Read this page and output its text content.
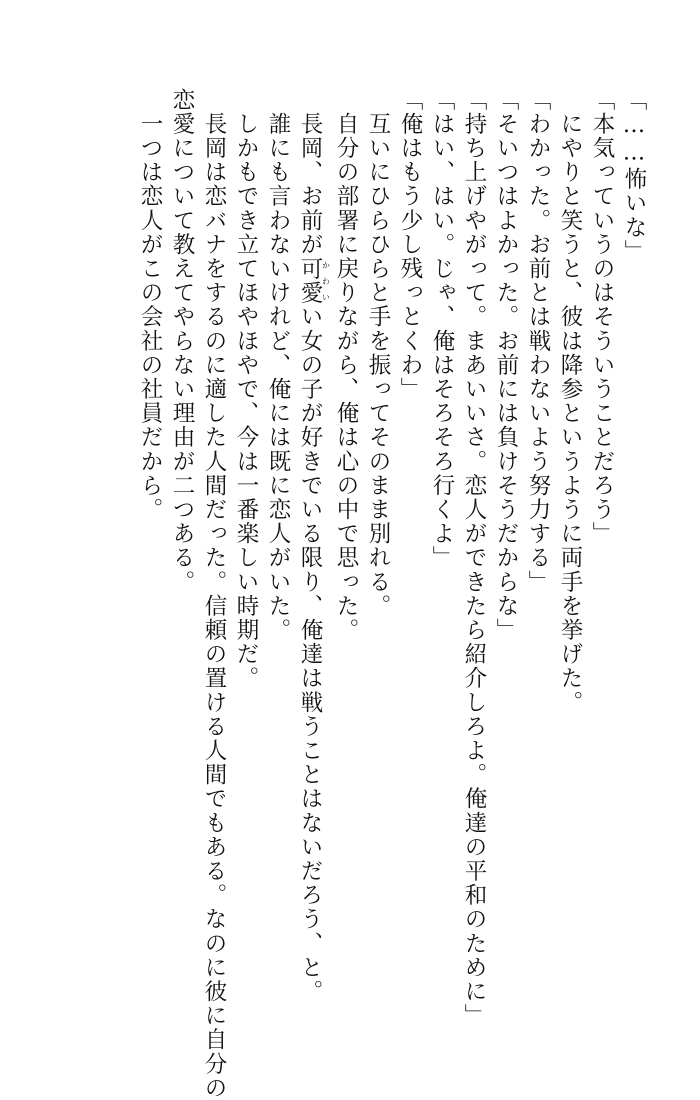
「……怖いな」
「本気っていうのはそういうことだろう」
　にやりと笑うと、彼は降参というように両手を挙げた。
「わかった。お前とは戦わないよう努力する」
「そいつはよかった。お前には負けそうだからな」
「持ち上げやがって。まあいいさ。恋人ができたら紹介しろよ。俺達の平和のために」
「はい、はい。じゃ、俺はそろそろ行くよ」
「俺はもう少し残っとくわ」
　互いにひらひらと手を振ってそのまま別れる。
　自分の部署に戻りながら、俺は心の中で思った。
　長岡、お前が可愛かわいい女の子が好きでいる限り、俺達は戦うことはないだろう、と。
　誰にも言わないけれど、俺には既に恋人がいた。
　しかもでき立てほやほやで、今は一番楽しい時期だ。
　長岡は恋バナをするのに適した人間だった。信頼の置ける人間でもある。なのに彼に自分の
恋愛について教えてやらない理由が二つある。
　一つは恋人がこの会社の社員だから。
